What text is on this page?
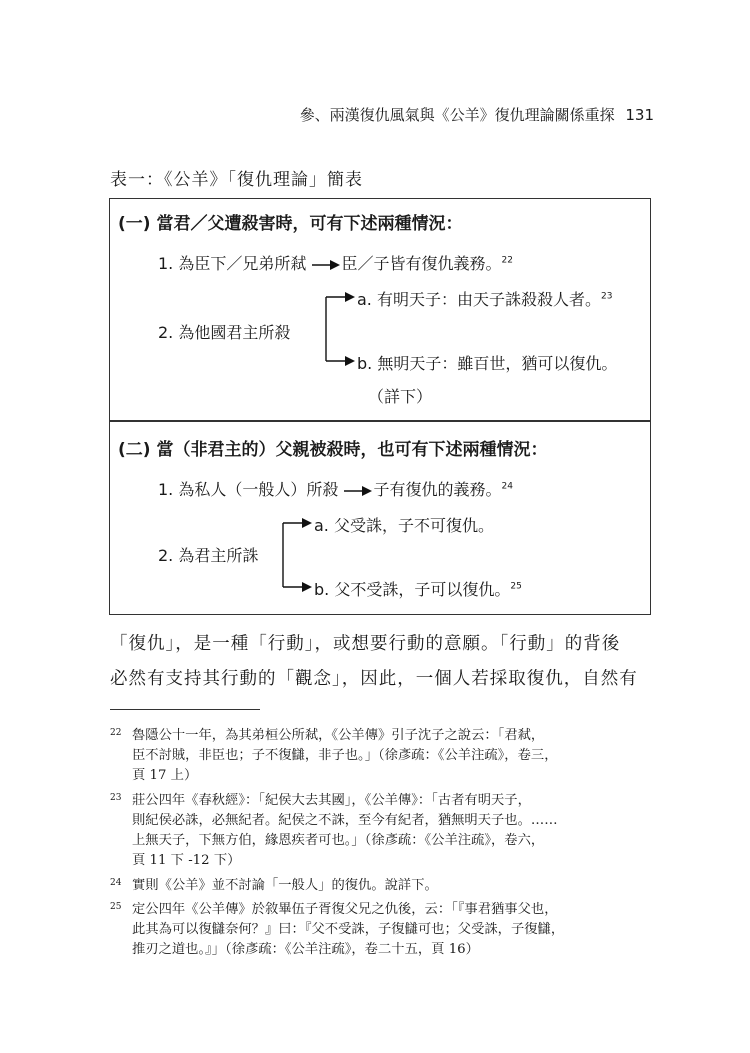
參、兩漢復仇風氣與《公羊》復仇理論關係重探 131
表一：《公羊》「復仇理論」簡表
(一) 當君／父遭殺害時，可有下述兩種情況：
1. 為臣下／兄弟所弒 臣／子皆有復仇義務。$^{22}$
2. 為他國君主所殺
a. 有明天子：由天子誅殺殺人者。$^{23}$
b. 無明天子：雖百世，猶可以復仇。
（詳下）
(二) 當（非君主的）父親被殺時，也可有下述兩種情況：
1. 為私人（一般人）所殺 子有復仇的義務。$^{24}$
2. 為君主所誅
a. 父受誅，子不可復仇。
b. 父不受誅，子可以復仇。$^{25}$
「復仇」，是一種「行動」，或想要行動的意願。「行動」的背後
必然有支持其行動的「觀念」，因此，一個人若採取復仇，自然有
22 魯隱公十一年，為其弟桓公所弒，《公羊傳》引子沈子之說云：「君弒，
臣不討賊，非臣也；子不復讎，非子也。」（徐彥疏：《公羊注疏》，卷三，
頁 17 上）
23 莊公四年《春秋經》：「紀侯大去其國」，《公羊傳》：「古者有明天子，
則紀侯必誅，必無紀者。紀侯之不誅，至今有紀者，猶無明天子也。……
上無天子，下無方伯，緣恩疾者可也。」（徐彥疏：《公羊注疏》，卷六，
頁 11 下 -12 下）
24 實則《公羊》並不討論「一般人」的復仇。說詳下。
25 定公四年《公羊傳》於敘畢伍子胥復父兄之仇後，云：「『事君猶事父也，
此其為可以復讎奈何？』曰：『父不受誅，子復讎可也；父受誅，子復讎，
推刃之道也。』」（徐彥疏：《公羊注疏》，卷二十五，頁 16）
